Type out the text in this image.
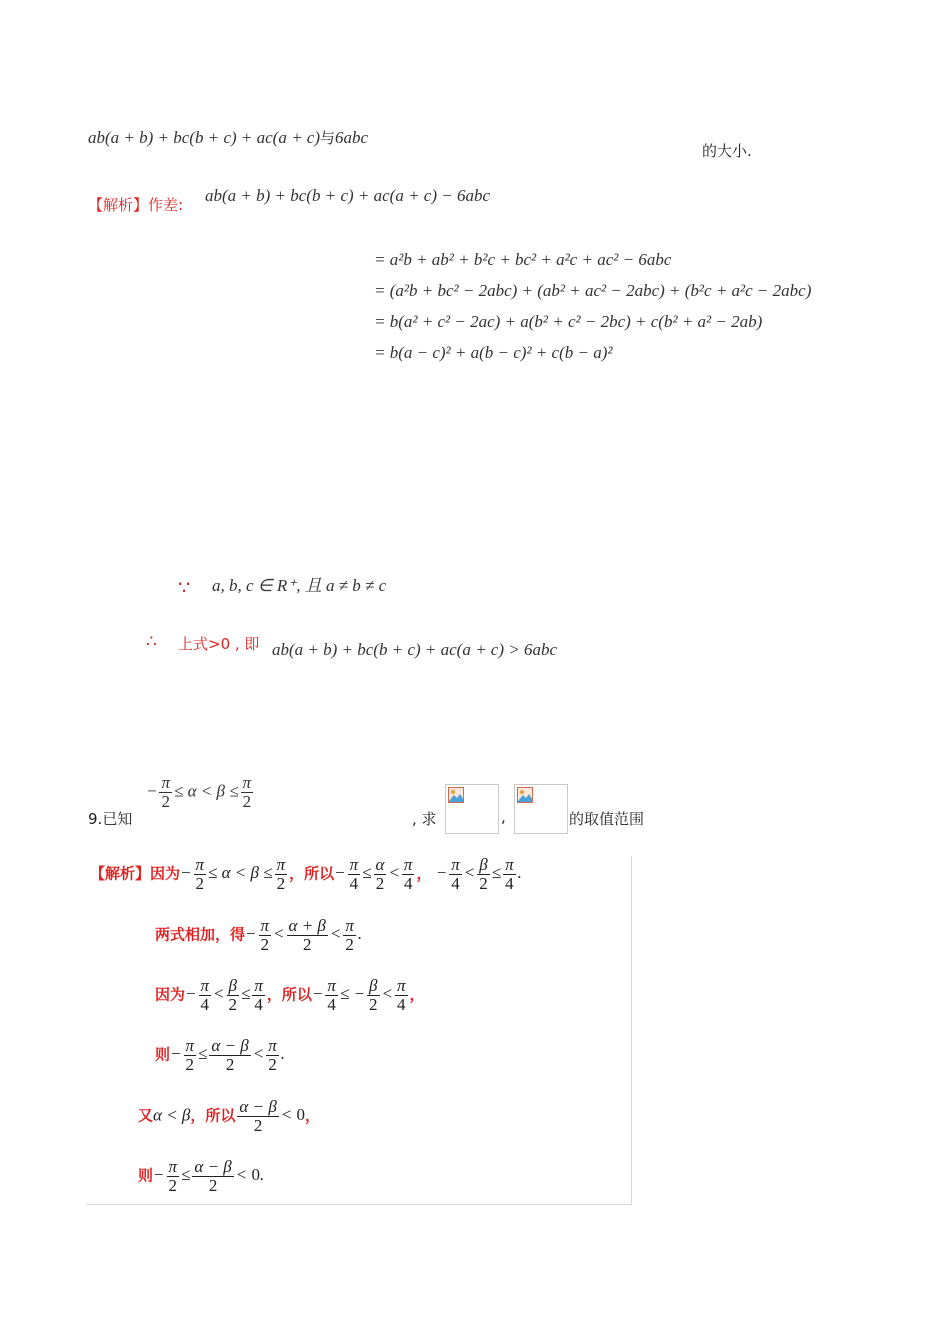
ab(a + b) + bc(b + c) + ac(a + c)与6abc
的大小.
【解析】作差: ab(a + b) + bc(b + c) + ac(a + c) − 6abc
= a²b + ab² + b²c + bc² + a²c + ac² − 6abc
= (a²b + bc² − 2abc) + (ab² + ac² − 2abc) + (b²c + a²c − 2abc)
= b(a² + c² − 2ac) + a(b² + c² − 2bc) + c(b² + a² − 2ab)
= b(a − c)² + a(b − c)² + c(b − a)²
∵ a, b, c ∈ R⁺, 且 a ≠ b ≠ c
∴ 上式>0 , 即 ab(a + b) + bc(b + c) + ac(a + c) > 6abc
9.已知
− $\frac{\pi}{2} \le \alpha < \beta \le \frac{\pi}{2}$
, 求	,	的取值范围
【解析】因为− $\frac{\pi}{2} \le \alpha < \beta \le \frac{\pi}{2}$ ，所以− $\frac{\pi}{4} \le \frac{\alpha}{2} < \frac{\pi}{4}$ ， − $\frac{\pi}{4} < \frac{\beta}{2} \le \frac{\pi}{4}$ .
两式相加，得− $\frac{\pi}{2} < \frac{\alpha + \beta}{2} < \frac{\pi}{2}$ .
因为− $\frac{\pi}{4} < \frac{\beta}{2} \le \frac{\pi}{4}$ ，所以− $\frac{\pi}{4}$ ≤ − $\frac{\beta}{2} < \frac{\pi}{4}$ ，
则− $\frac{\pi}{2} \le \frac{\alpha - \beta}{2} < \frac{\pi}{2}$ .
又α < β，所以 $\frac{\alpha - \beta}{2} < 0$，
则− $\frac{\pi}{2} \le \frac{\alpha - \beta}{2} < 0$.
